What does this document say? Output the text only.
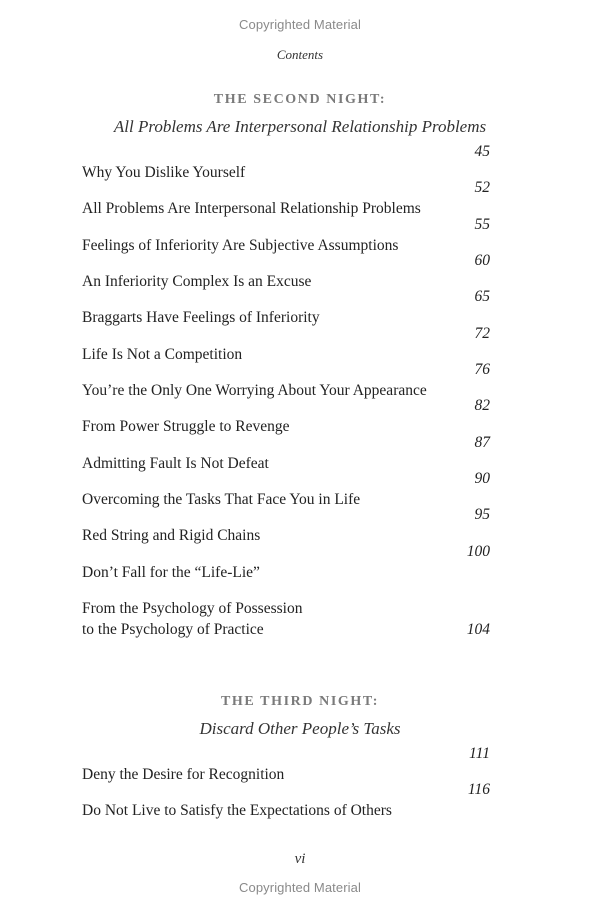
Copyrighted Material
Contents
THE SECOND NIGHT:
All Problems Are Interpersonal Relationship Problems
Why You Dislike Yourself
45
All Problems Are Interpersonal Relationship Problems
52
Feelings of Inferiority Are Subjective Assumptions
55
An Inferiority Complex Is an Excuse
60
Braggarts Have Feelings of Inferiority
65
Life Is Not a Competition
72
You’re the Only One Worrying About Your Appearance
76
From Power Struggle to Revenge
82
Admitting Fault Is Not Defeat
87
Overcoming the Tasks That Face You in Life
90
Red String and Rigid Chains
95
Don’t Fall for the “Life-Lie”
100
From the Psychology of Possession
to the Psychology of Practice	104
THE THIRD NIGHT:
Discard Other People’s Tasks
Deny the Desire for Recognition
111
Do Not Live to Satisfy the Expectations of Others
116
vi
Copyrighted Material
